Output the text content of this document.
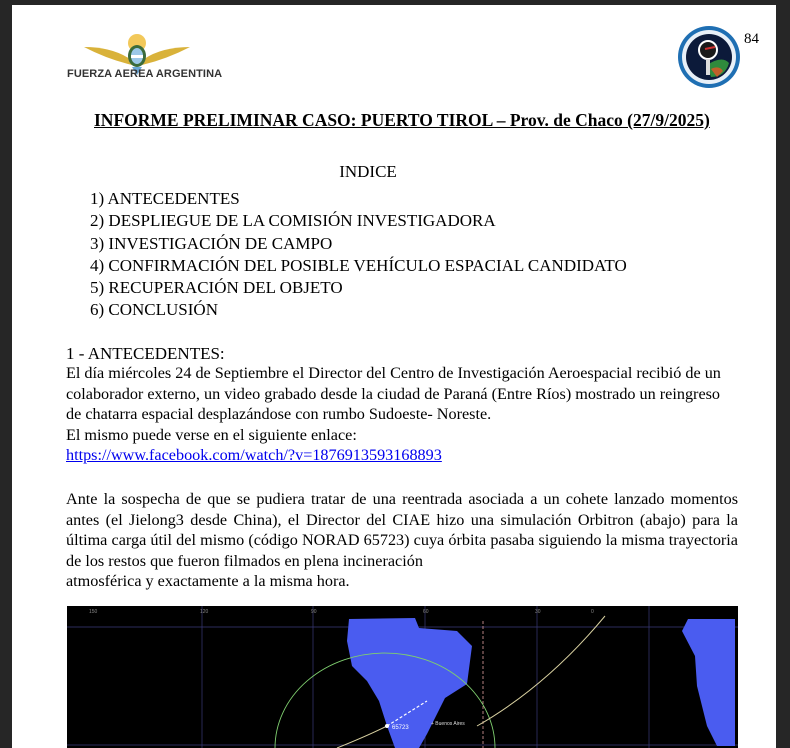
FUERZA AEREA ARGENTINA
84
INFORME PRELIMINAR CASO: PUERTO TIROL – Prov. de Chaco (27/9/2025)
INDICE
1) ANTECEDENTES
2) DESPLIEGUE DE LA COMISIÓN INVESTIGADORA
3) INVESTIGACIÓN DE CAMPO
4) CONFIRMACIÓN DEL POSIBLE VEHÍCULO ESPACIAL CANDIDATO
5) RECUPERACIÓN DEL OBJETO
6) CONCLUSIÓN
1 - ANTECEDENTES:
El día miércoles 24 de Septiembre el Director del Centro de Investigación Aeroespacial recibió de un colaborador externo, un video grabado desde la ciudad de Paraná (Entre Ríos) mostrado un reingreso de chatarra espacial desplazándose con rumbo Sudoeste- Noreste.
El mismo puede verse en el siguiente enlace:
https://www.facebook.com/watch/?v=1876913593168893
Ante la sospecha de que se pudiera tratar de una reentrada asociada a un cohete lanzado momentos antes (el Jielong3 desde China), el Director del CIAE hizo una simulación Orbitron (abajo) para la última carga útil del mismo (código NORAD 65723) cuya órbita pasaba siguiendo la misma trayectoria de los restos que fueron filmados en plena incineración
atmosférica y exactamente a la misma hora.
150	120	90	60	30	0
65723
+ Buenos Aires
